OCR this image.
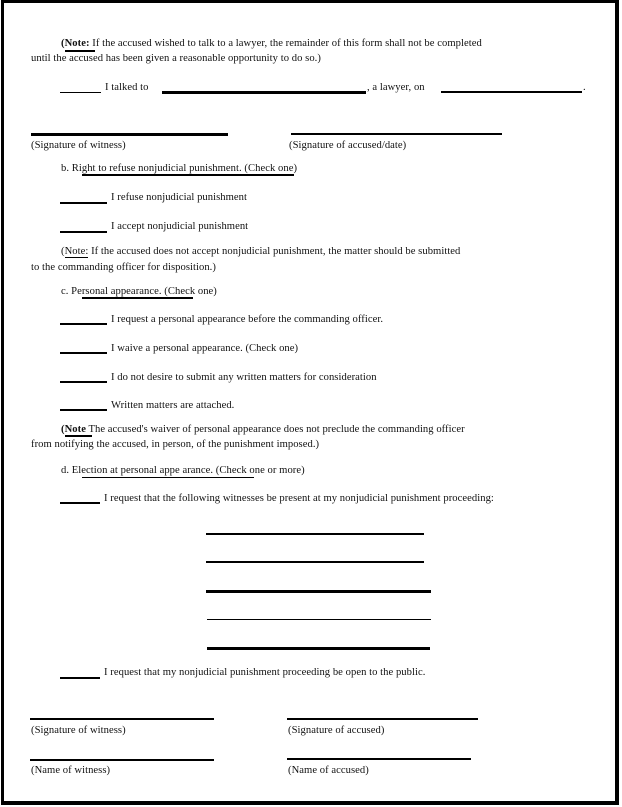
(Note: If the accused wished to talk to a lawyer, the remainder of this form shall not be completed
until the accused has been given a reasonable opportunity to do so.)
I talked to	, a lawyer, on	.
(Signature of witness)	(Signature of accused/date)
b. Right to refuse nonjudicial punishment. (Check one)
I refuse nonjudicial punishment
I accept nonjudicial punishment
(Note: If the accused does not accept nonjudicial punishment, the matter should be submitted
to the commanding officer for disposition.)
c. Personal appearance. (Check one)
I request a personal appearance before the commanding officer.
I waive a personal appearance. (Check one)
I do not desire to submit any written matters for consideration
Written matters are attached.
(Note The accused's waiver of personal appearance does not preclude the commanding officer
from notifying the accused, in person, of the punishment imposed.)
d. Election at personal appe arance. (Check one or more)
I request that the following witnesses be present at my nonjudicial punishment proceeding:
I request that my nonjudicial punishment proceeding be open to the public.
(Signature of witness)	(Signature of accused)
(Name of witness)	(Name of accused)
